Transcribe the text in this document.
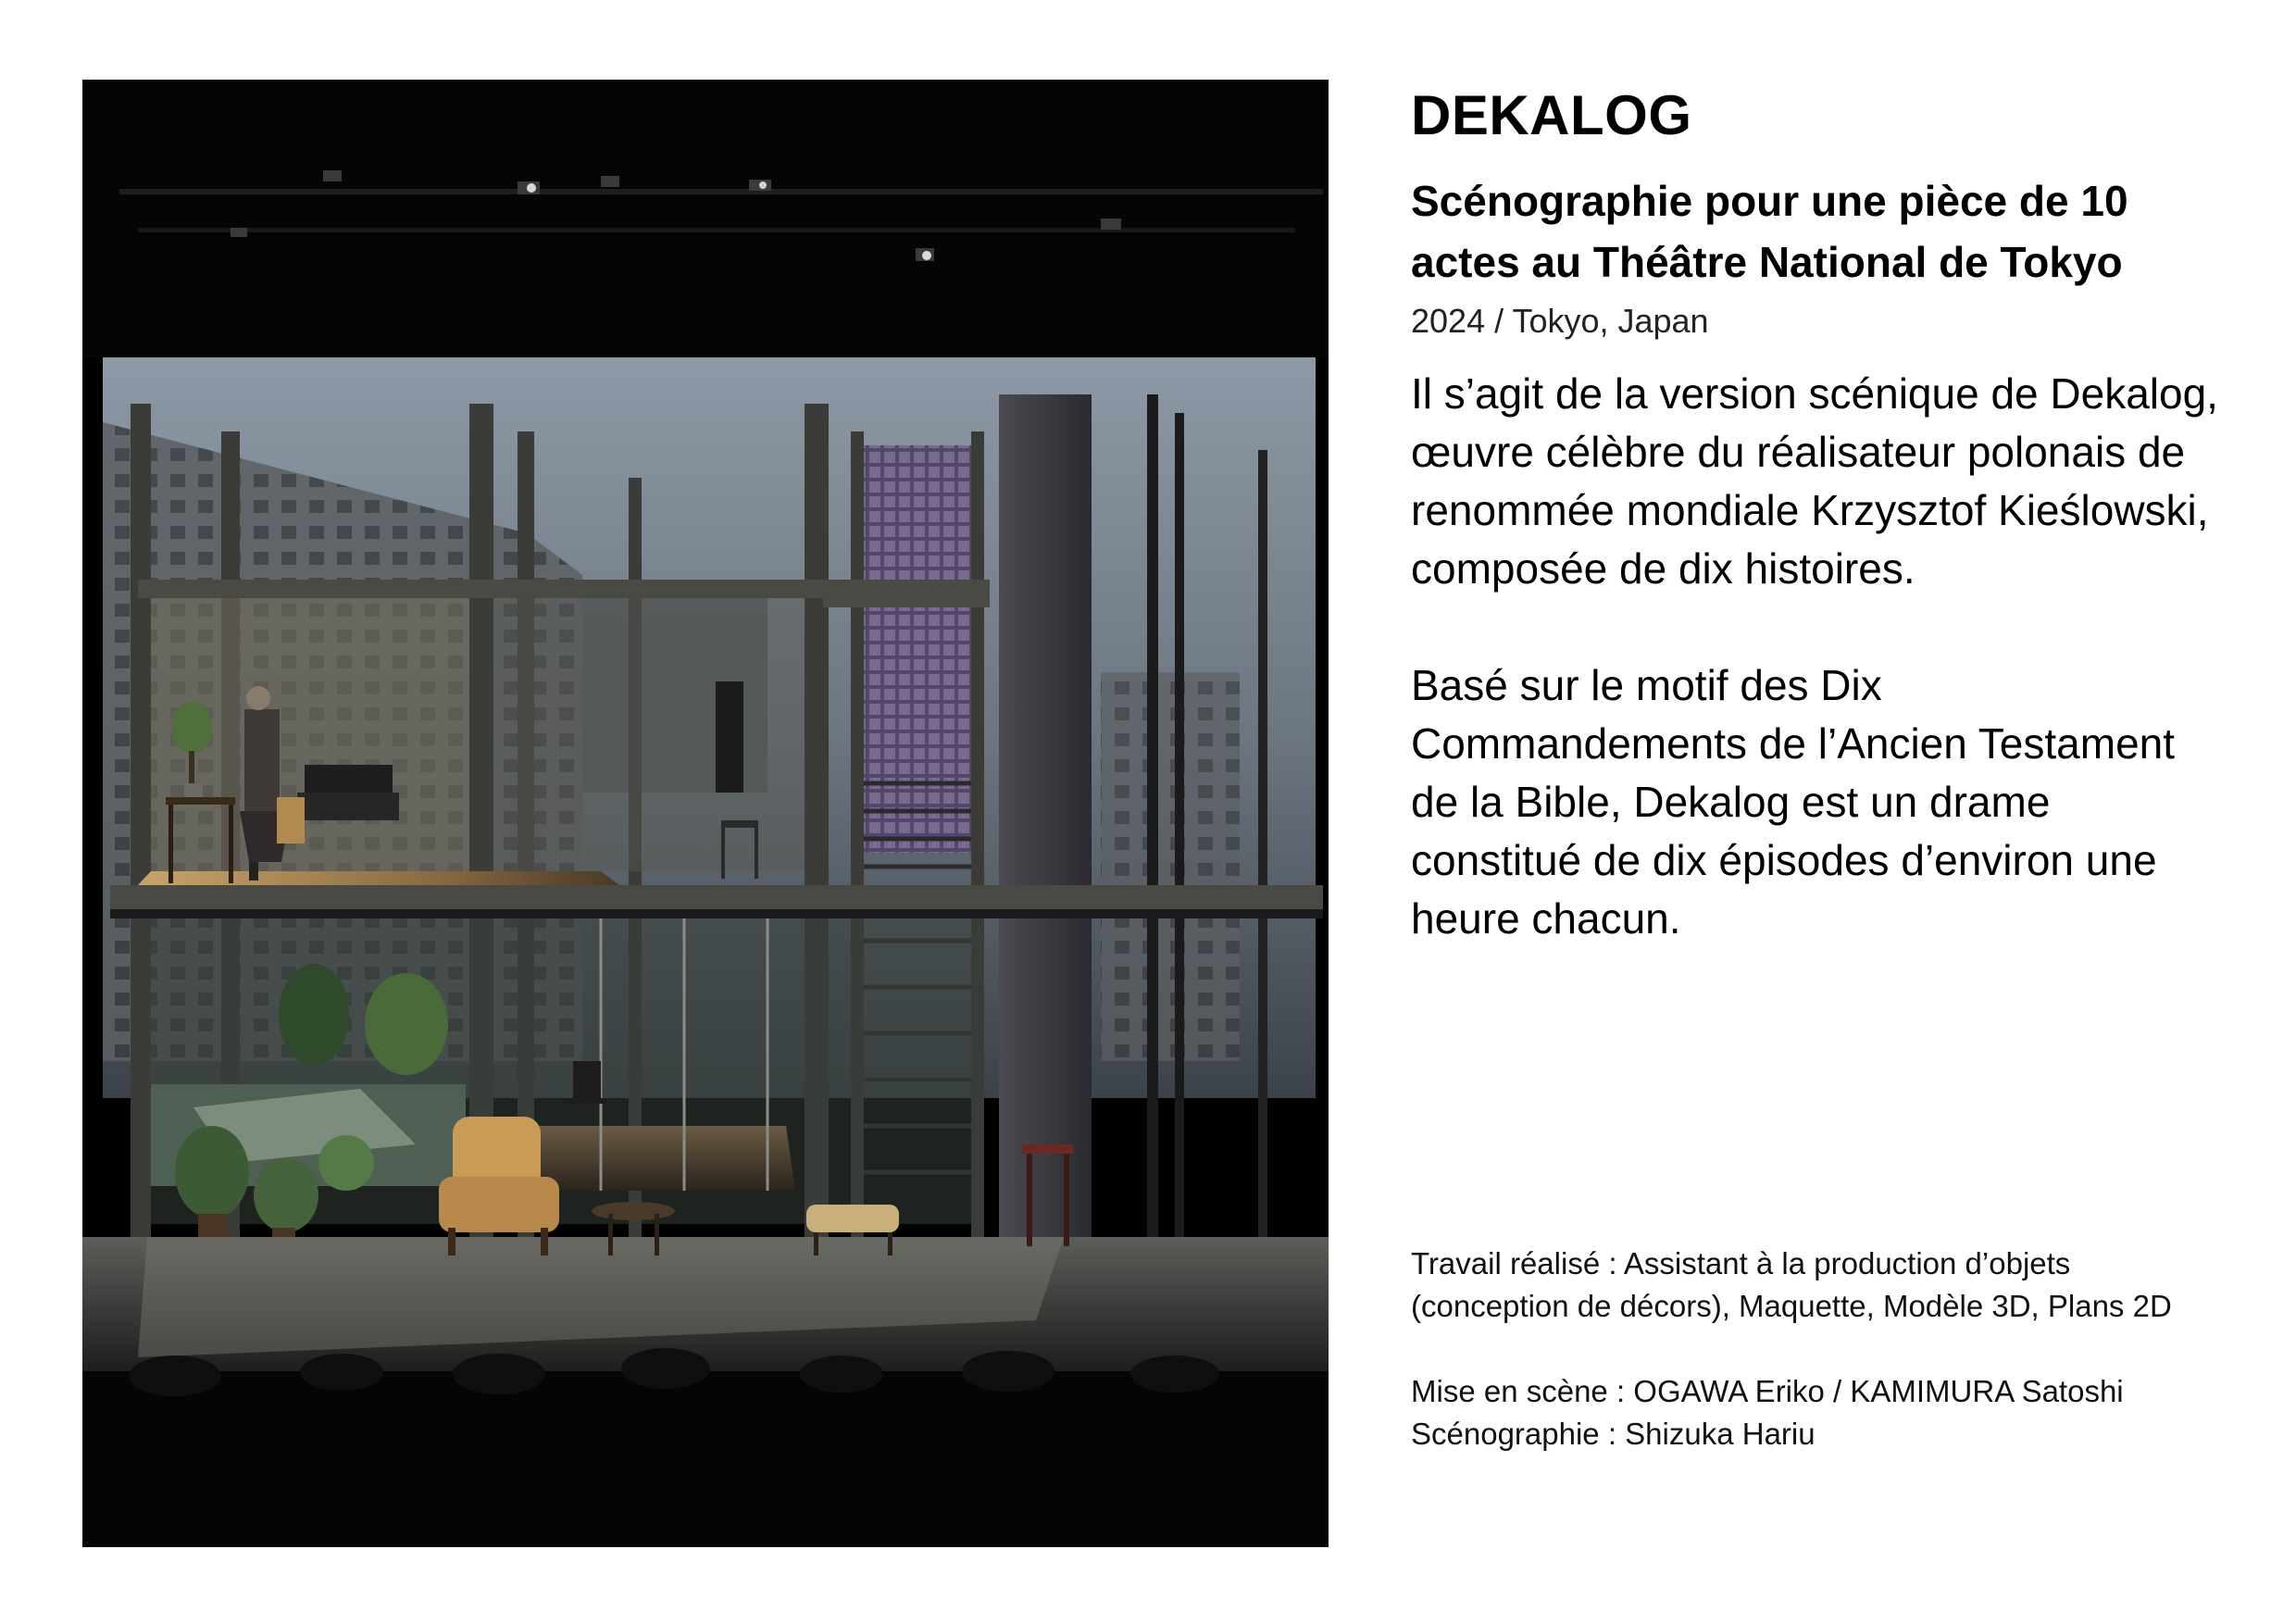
DEKALOG

Scénographie pour une pièce de 10 actes au Théâtre National de Tokyo

2024 / Tokyo, Japan

Il s’agit de la version scénique de Dekalog, œuvre célèbre du réalisateur polonais de renommée mondiale Krzysztof Kieślowski, composée de dix histoires.

Basé sur le motif des Dix Commandements de l’Ancien Testament de la Bible, Dekalog est un drame constitué de dix épisodes d’environ une heure chacun.

Travail réalisé : Assistant à la production d’objets (conception de décors), Maquette, Modèle 3D, Plans 2D

Mise en scène : OGAWA Eriko / KAMIMURA Satoshi

Scénographie : Shizuka Hariu
